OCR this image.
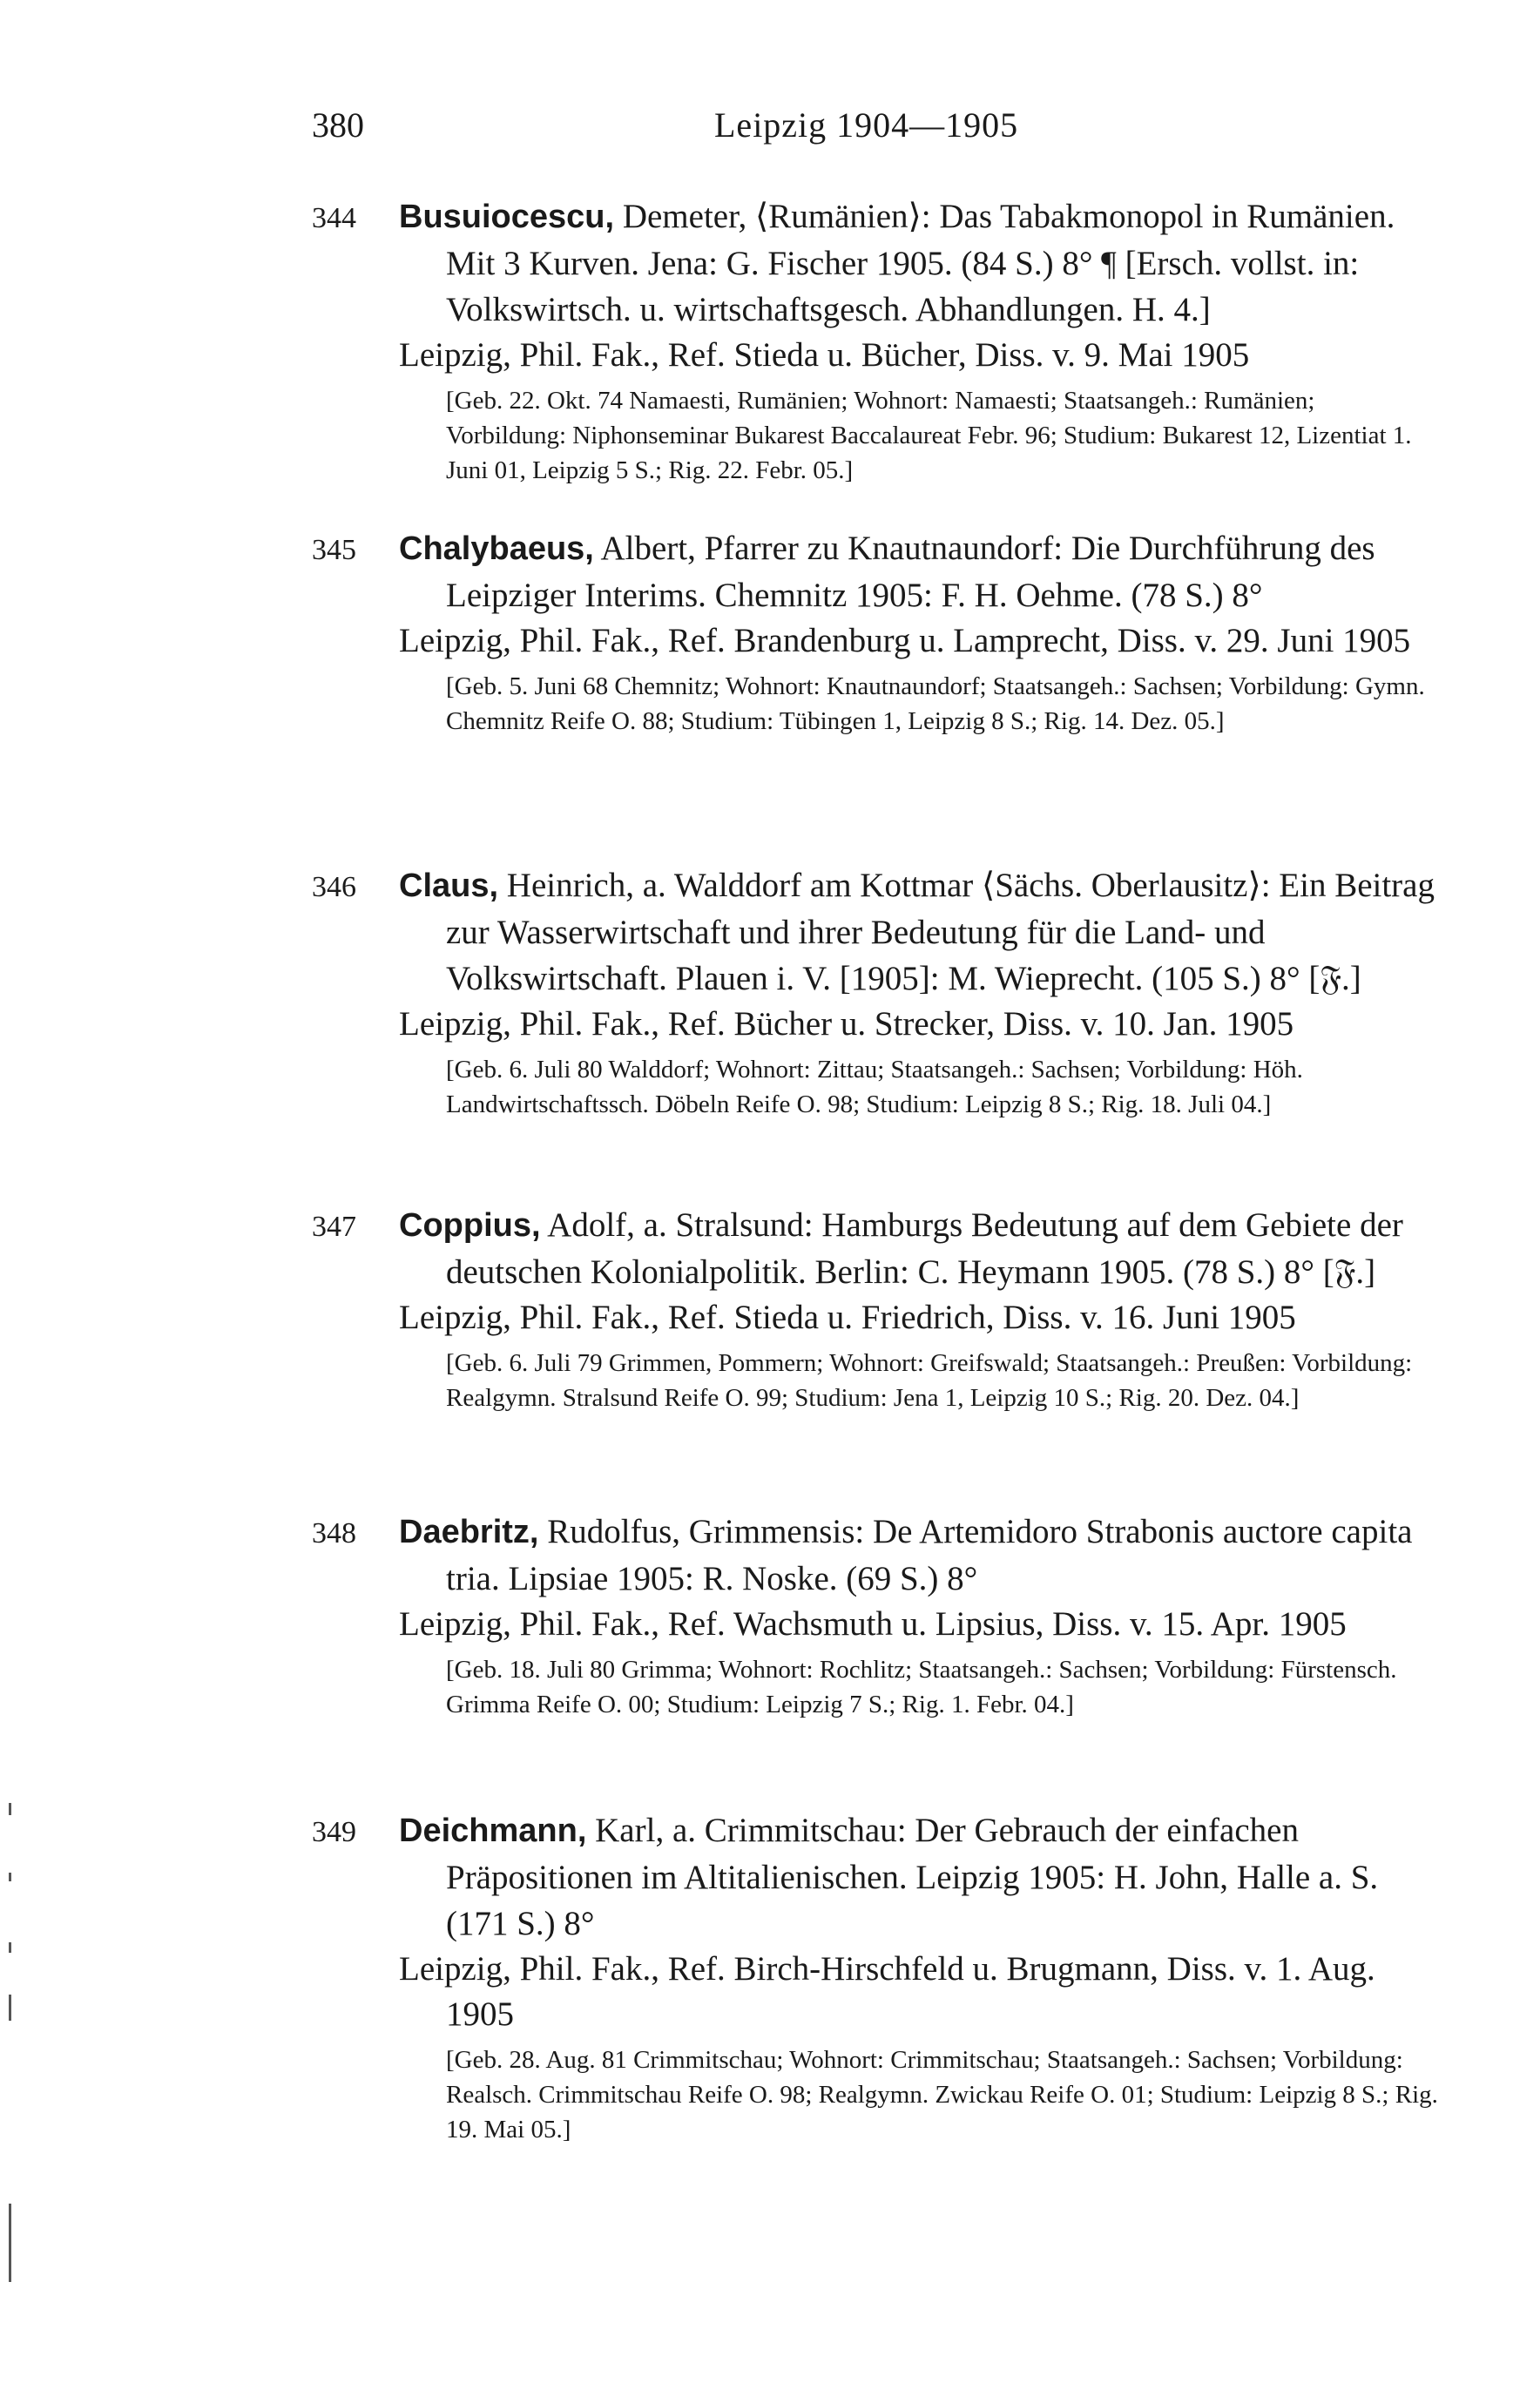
380	Leipzig 1904—1905
344 Busuiocescu, Demeter, ⟨Rumänien⟩: Das Tabakmonopol in Rumänien. Mit 3 Kurven. Jena: G. Fischer 1905. (84 S.) 8° ¶ [Ersch. vollst. in: Volkswirtsch. u. wirtschaftsgesch. Abhandlungen. H. 4.]

Leipzig, Phil. Fak., Ref. Stieda u. Bücher, Diss. v. 9. Mai 1905

[Geb. 22. Okt. 74 Namaesti, Rumänien; Wohnort: Namaesti; Staatsangeh.: Rumänien; Vorbildung: Niphonseminar Bukarest Baccalaureat Febr. 96; Studium: Bukarest 12, Lizentiat 1. Juni 01, Leipzig 5 S.; Rig. 22. Febr. 05.]

345 Chalybaeus, Albert, Pfarrer zu Knautnaundorf: Die Durchführung des Leipziger Interims. Chemnitz 1905: F. H. Oehme. (78 S.) 8°

Leipzig, Phil. Fak., Ref. Brandenburg u. Lamprecht, Diss. v. 29. Juni 1905

[Geb. 5. Juni 68 Chemnitz; Wohnort: Knautnaundorf; Staatsangeh.: Sachsen; Vorbildung: Gymn. Chemnitz Reife O. 88; Studium: Tübingen 1, Leipzig 8 S.; Rig. 14. Dez. 05.]

346 Claus, Heinrich, a. Walddorf am Kottmar ⟨Sächs. Oberlausitz⟩: Ein Beitrag zur Wasserwirtschaft und ihrer Bedeutung für die Land- und Volkswirtschaft. Plauen i. V. [1905]: M. Wieprecht. (105 S.) 8° [𝔉.]

Leipzig, Phil. Fak., Ref. Bücher u. Strecker, Diss. v. 10. Jan. 1905

[Geb. 6. Juli 80 Walddorf; Wohnort: Zittau; Staatsangeh.: Sachsen; Vorbildung: Höh. Landwirtschaftssch. Döbeln Reife O. 98; Studium: Leipzig 8 S.; Rig. 18. Juli 04.]

347 Coppius, Adolf, a. Stralsund: Hamburgs Bedeutung auf dem Gebiete der deutschen Kolonialpolitik. Berlin: C. Heymann 1905. (78 S.) 8° [𝔉.]

Leipzig, Phil. Fak., Ref. Stieda u. Friedrich, Diss. v. 16. Juni 1905

[Geb. 6. Juli 79 Grimmen, Pommern; Wohnort: Greifswald; Staatsangeh.: Preußen: Vorbildung: Realgymn. Stralsund Reife O. 99; Studium: Jena 1, Leipzig 10 S.; Rig. 20. Dez. 04.]

348 Daebritz, Rudolfus, Grimmensis: De Artemidoro Strabonis auctore capita tria. Lipsiae 1905: R. Noske. (69 S.) 8°

Leipzig, Phil. Fak., Ref. Wachsmuth u. Lipsius, Diss. v. 15. Apr. 1905

[Geb. 18. Juli 80 Grimma; Wohnort: Rochlitz; Staatsangeh.: Sachsen; Vorbildung: Fürstensch. Grimma Reife O. 00; Studium: Leipzig 7 S.; Rig. 1. Febr. 04.]

349 Deichmann, Karl, a. Crimmitschau: Der Gebrauch der einfachen Präpositionen im Altitalienischen. Leipzig 1905: H. John, Halle a. S. (171 S.) 8°

Leipzig, Phil. Fak., Ref. Birch-Hirschfeld u. Brugmann, Diss. v. 1. Aug. 1905

[Geb. 28. Aug. 81 Crimmitschau; Wohnort: Crimmitschau; Staatsangeh.: Sachsen; Vorbildung: Realsch. Crimmitschau Reife O. 98; Realgymn. Zwickau Reife O. 01; Studium: Leipzig 8 S.; Rig. 19. Mai 05.]
